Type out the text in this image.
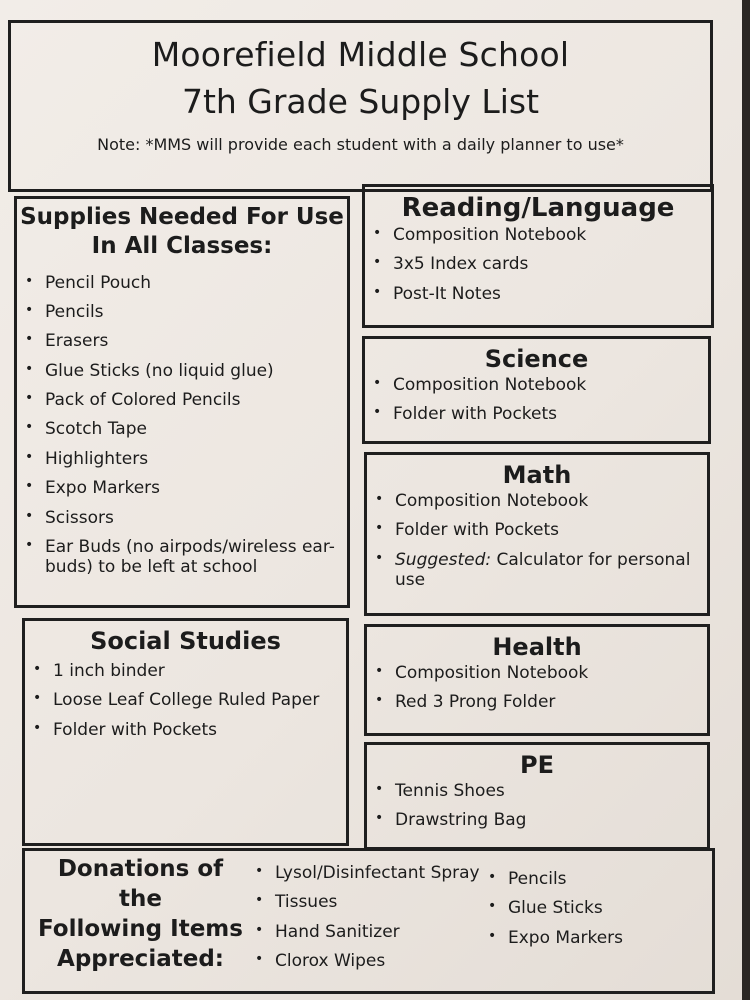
Moorefield Middle School
7th Grade Supply List
Note: *MMS will provide each student with a daily planner to use*
Supplies Needed For Use
In All Classes:
• Pencil Pouch
• Pencils
• Erasers
• Glue Sticks (no liquid glue)
• Pack of Colored Pencils
• Scotch Tape
• Highlighters
• Expo Markers
• Scissors
• Ear Buds (no airpods/wireless ear-buds) to be left at school
Reading/Language
• Composition Notebook
• 3x5 Index cards
• Post-It Notes
Science
• Composition Notebook
• Folder with Pockets
Math
• Composition Notebook
• Folder with Pockets
• Suggested: Calculator for personal use
Social Studies
• 1 inch binder
• Loose Leaf College Ruled Paper
• Folder with Pockets
Health
• Composition Notebook
• Red 3 Prong Folder
PE
• Tennis Shoes
• Drawstring Bag
Donations of the
Following Items
Appreciated:
• Lysol/Disinfectant Spray
• Tissues
• Hand Sanitizer
• Clorox Wipes
• Pencils
• Glue Sticks
• Expo Markers
